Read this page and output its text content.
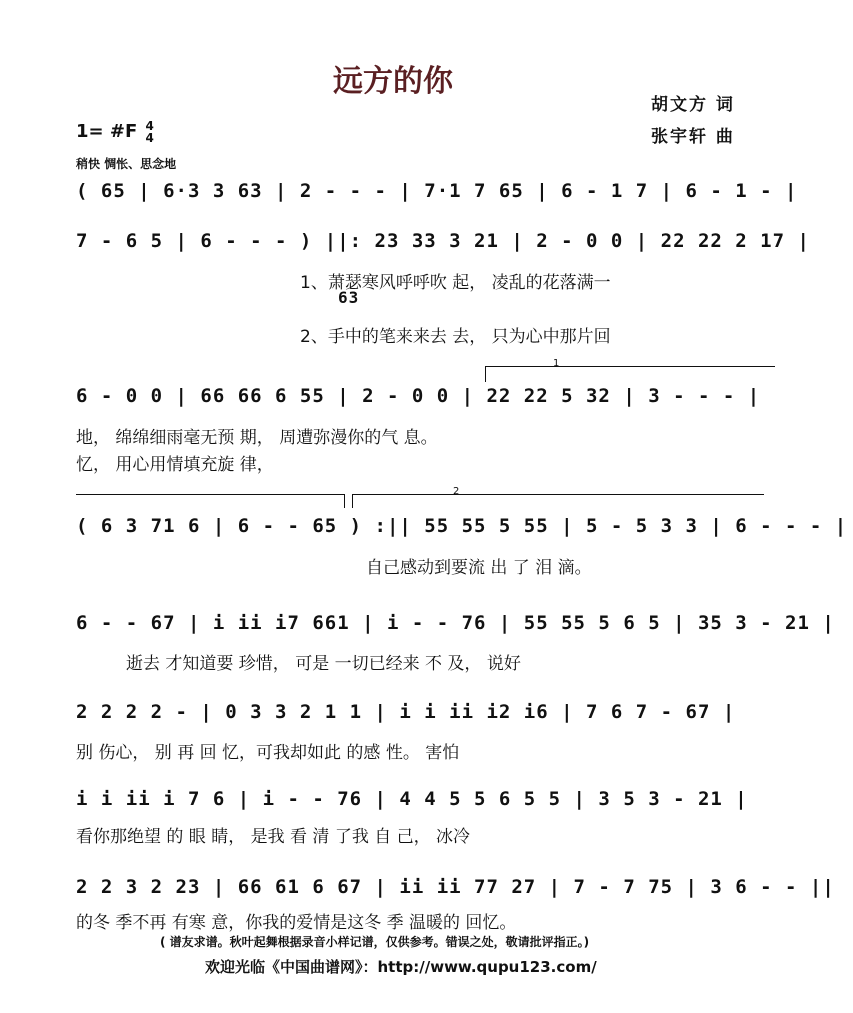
远方的你
胡文方 词
张宇轩 曲
1= #F 4
4
稍快 惆怅、思念地
( 65 | 6·3 3 63 | 2 - - - | 7·1 7 65 | 6 - 1 7 | 6 - 1 - |
7 - 6 5 | 6 - - - ) ||: 23 33 3 21 | 2 - 0 0 | 22 22 2 17 |
1、萧瑟寒风呼呼吹 起， 凌乱的花落满一
63
2、手中的笔来来去 去， 只为心中那片回
1
6 - 0 0 | 66 66 6 55 | 2 - 0 0 | 22 22 5 32 | 3 - - - |
地， 绵绵细雨毫无预 期， 周遭弥漫你的气 息。
忆， 用心用情填充旋 律，
2
( 6 3 71 6 | 6 - - 65 ) :|| 55 55 5 55 | 5 - 5 3 3 | 6 - - - |
自己感动到要流 出 了 泪 滴。
6 - - 67 | i ii i7 661 | i - - 76 | 55 55 5 6 5 | 35 3 - 21 |
逝去 才知道要 珍惜， 可是 一切已经来 不 及， 说好
2 2 2 2 - | 0 3 3 2 1 1 | i i ii i2 i6 | 7 6 7 - 67 |
别 伤心， 别 再 回 忆，可我却如此 的感 性。 害怕
i i ii i 7 6 | i - - 76 | 4 4 5 5 6 5 5 | 3 5 3 - 21 |
看你那绝望 的 眼 睛， 是我 看 清 了我 自 己， 冰冷
2 2 3 2 23 | 66 61 6 67 | ii ii 77 27 | 7 - 7 75 | 3 6 - - ||
的冬 季不再 有寒 意，你我的爱情是这冬 季 温暖的 回忆。
( 谱友求谱。秋叶起舞根据录音小样记谱，仅供参考。错误之处，敬请批评指正。)
欢迎光临《中国曲谱网》：http://www.qupu123.com/
